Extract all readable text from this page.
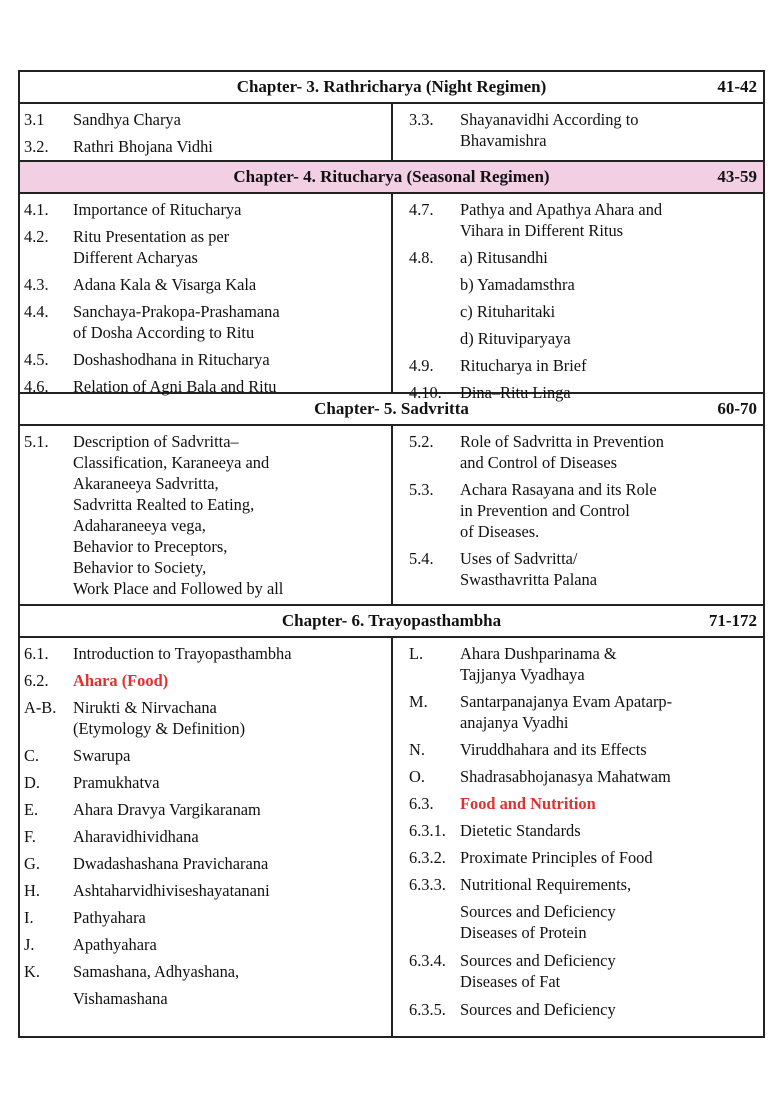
Chapter- 3. Rathricharya (Night Regimen)	41-42
3.1 Sandhya Charya
3.2. Rathri Bhojana Vidhi
3.3. Shayanavidhi According to
Bhavamishra
Chapter- 4. Ritucharya (Seasonal Regimen)	43-59
4.1. Importance of Ritucharya
4.2. Ritu Presentation as per
Different Acharyas
4.3. Adana Kala & Visarga Kala
4.4. Sanchaya-Prakopa-Prashamana
of Dosha According to Ritu
4.5. Doshashodhana in Ritucharya
4.6. Relation of Agni Bala and Ritu
4.7. Pathya and Apathya Ahara and
Vihara in Different Ritus
4.8. a) Ritusandhi
b) Yamadamsthra
c) Rituharitaki
d) Rituviparyaya
4.9. Ritucharya in Brief
4.10. Dina–Ritu Linga
Chapter- 5. Sadvritta	60-70
5.1. Description of Sadvritta–
Classification, Karaneeya and
Akaraneeya Sadvritta,
Sadvritta Realted to Eating,
Adaharaneeya vega,
Behavior to Preceptors,
Behavior to Society,
Work Place and Followed by all
5.2. Role of Sadvritta in Prevention
and Control of Diseases
5.3. Achara Rasayana and its Role
in Prevention and Control
of Diseases.
5.4. Uses of Sadvritta/
Swasthavritta Palana
Chapter- 6. Trayopasthambha	71-172
6.1. Introduction to Trayopasthambha
6.2. Ahara (Food)
A-B. Nirukti & Nirvachana
(Etymology & Definition)
C. Swarupa
D. Pramukhatva
E. Ahara Dravya Vargikaranam
F. Aharavidhividhana
G. Dwadashashana Pravicharana
H. Ashtaharvidhiviseshayatanani
I. Pathyahara
J. Apathyahara
K. Samashana, Adhyashana,
Vishamashana
L. Ahara Dushparinama &
Tajjanya Vyadhaya
M. Santarpanajanya Evam Apatarp-
anajanya Vyadhi
N. Viruddhahara and its Effects
O. Shadrasabhojanasya Mahatwam
6.3. Food and Nutrition
6.3.1. Dietetic Standards
6.3.2. Proximate Principles of Food
6.3.3. Nutritional Requirements,
Sources and Deficiency
Diseases of Protein
6.3.4. Sources and Deficiency
Diseases of Fat
6.3.5. Sources and Deficiency
